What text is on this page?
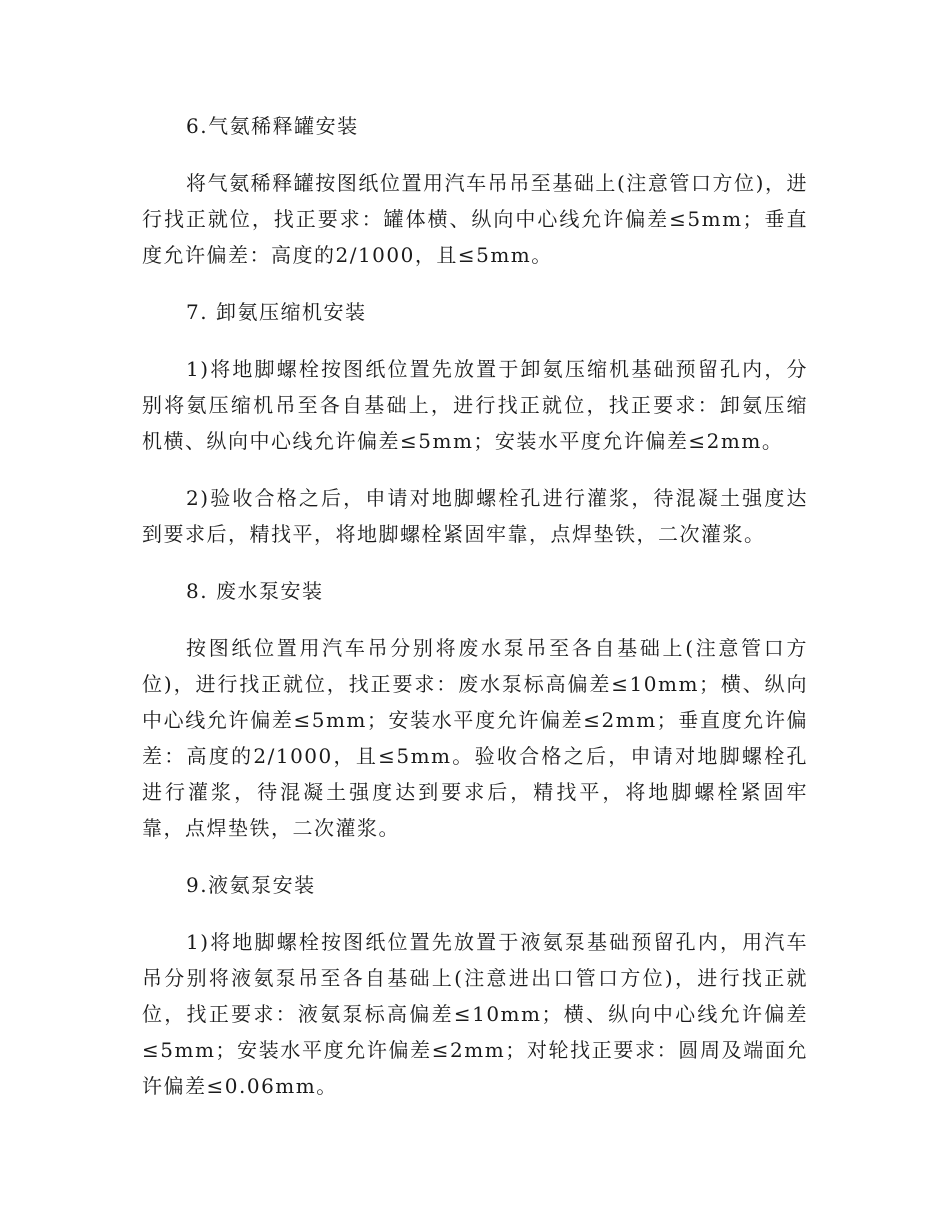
6.气氨稀释罐安装
将气氨稀释罐按图纸位置用汽车吊吊至基础上(注意管口方位)，进行找正就位，找正要求：罐体横、纵向中心线允许偏差≤5mm；垂直度允许偏差：高度的2/1000，且≤5mm。
7. 卸氨压缩机安装
1)将地脚螺栓按图纸位置先放置于卸氨压缩机基础预留孔内，分别将氨压缩机吊至各自基础上，进行找正就位，找正要求：卸氨压缩机横、纵向中心线允许偏差≤5mm；安装水平度允许偏差≤2mm。
2)验收合格之后，申请对地脚螺栓孔进行灌浆，待混凝土强度达到要求后，精找平，将地脚螺栓紧固牢靠，点焊垫铁，二次灌浆。
8. 废水泵安装
按图纸位置用汽车吊分别将废水泵吊至各自基础上(注意管口方位)，进行找正就位，找正要求：废水泵标高偏差≤10mm；横、纵向中心线允许偏差≤5mm；安装水平度允许偏差≤2mm；垂直度允许偏差：高度的2/1000，且≤5mm。验收合格之后，申请对地脚螺栓孔进行灌浆，待混凝土强度达到要求后，精找平，将地脚螺栓紧固牢靠，点焊垫铁，二次灌浆。
9.液氨泵安装
1)将地脚螺栓按图纸位置先放置于液氨泵基础预留孔内，用汽车吊分别将液氨泵吊至各自基础上(注意进出口管口方位)，进行找正就位，找正要求：液氨泵标高偏差≤10mm；横、纵向中心线允许偏差≤5mm；安装水平度允许偏差≤2mm；对轮找正要求：圆周及端面允许偏差≤0.06mm。
